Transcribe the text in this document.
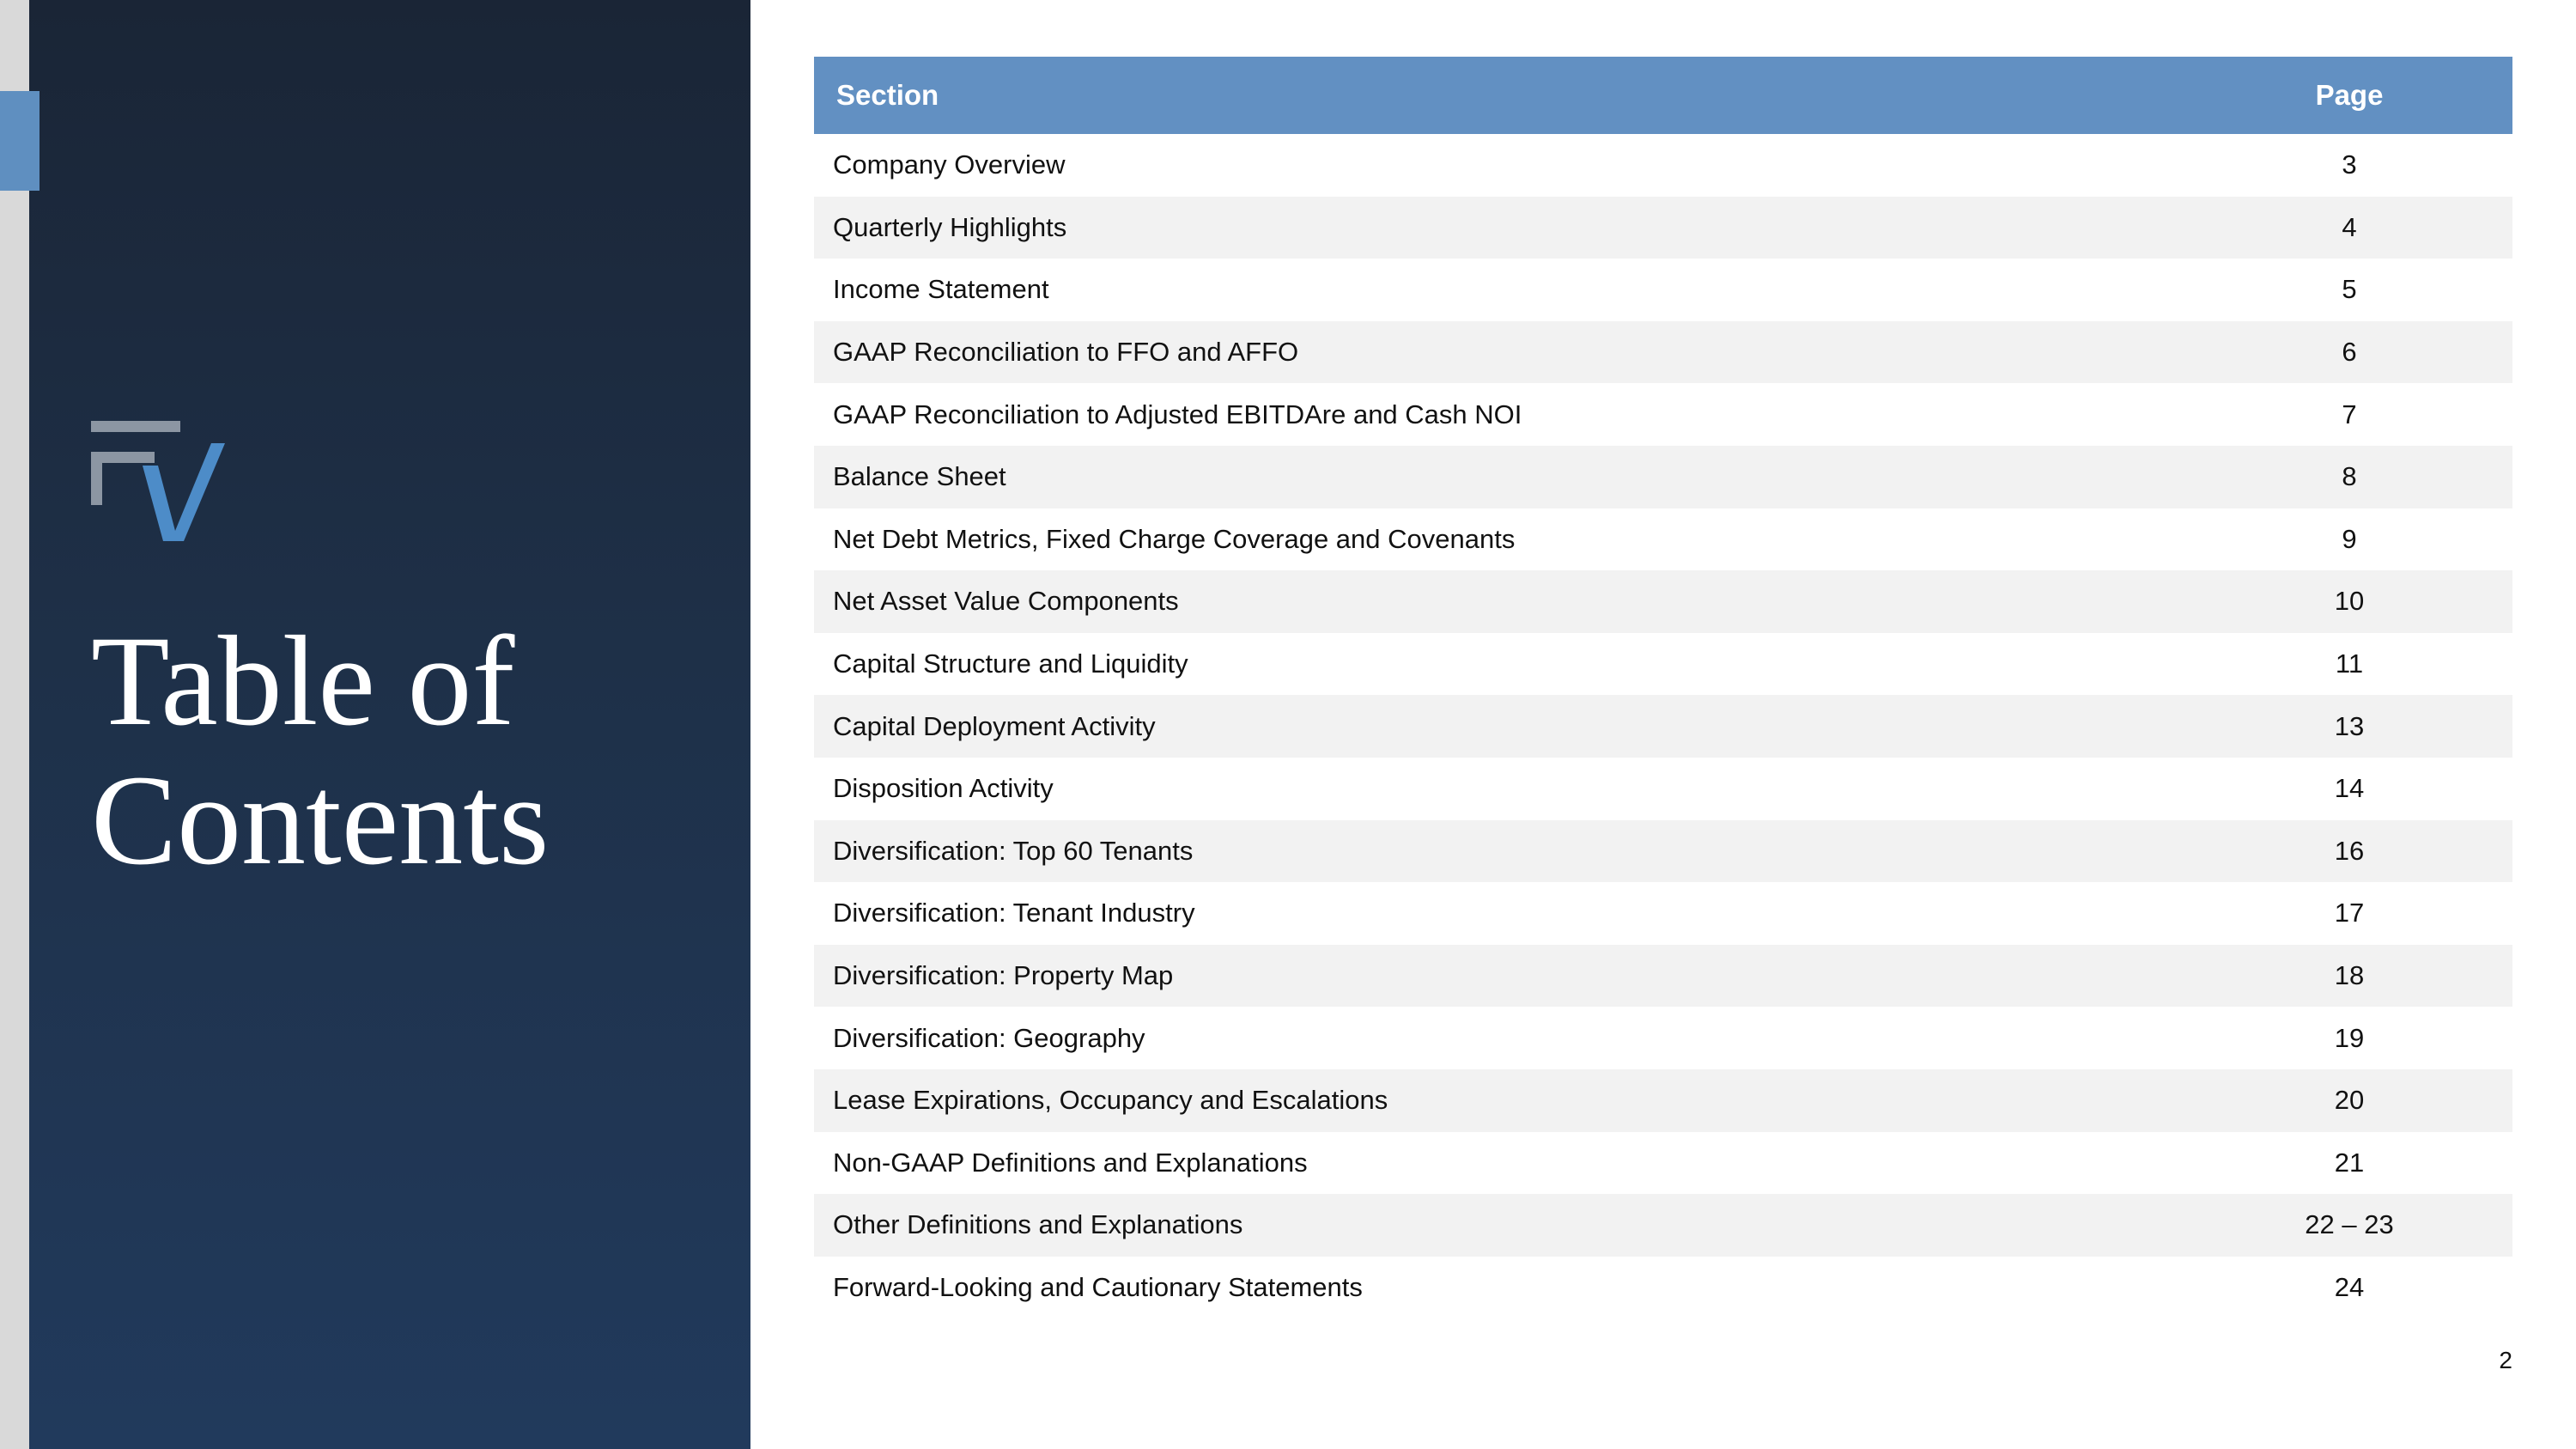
Table of
Contents
Section	Page
Company Overview	3
Quarterly Highlights	4
Income Statement	5
GAAP Reconciliation to FFO and AFFO	6
GAAP Reconciliation to Adjusted EBITDAre and Cash NOI	7
Balance Sheet	8
Net Debt Metrics, Fixed Charge Coverage and Covenants	9
Net Asset Value Components	10
Capital Structure and Liquidity	11
Capital Deployment Activity	13
Disposition Activity	14
Diversification: Top 60 Tenants	16
Diversification: Tenant Industry	17
Diversification: Property Map	18
Diversification: Geography	19
Lease Expirations, Occupancy and Escalations	20
Non-GAAP Definitions and Explanations	21
Other Definitions and Explanations	22 – 23
Forward-Looking and Cautionary Statements	24
2
